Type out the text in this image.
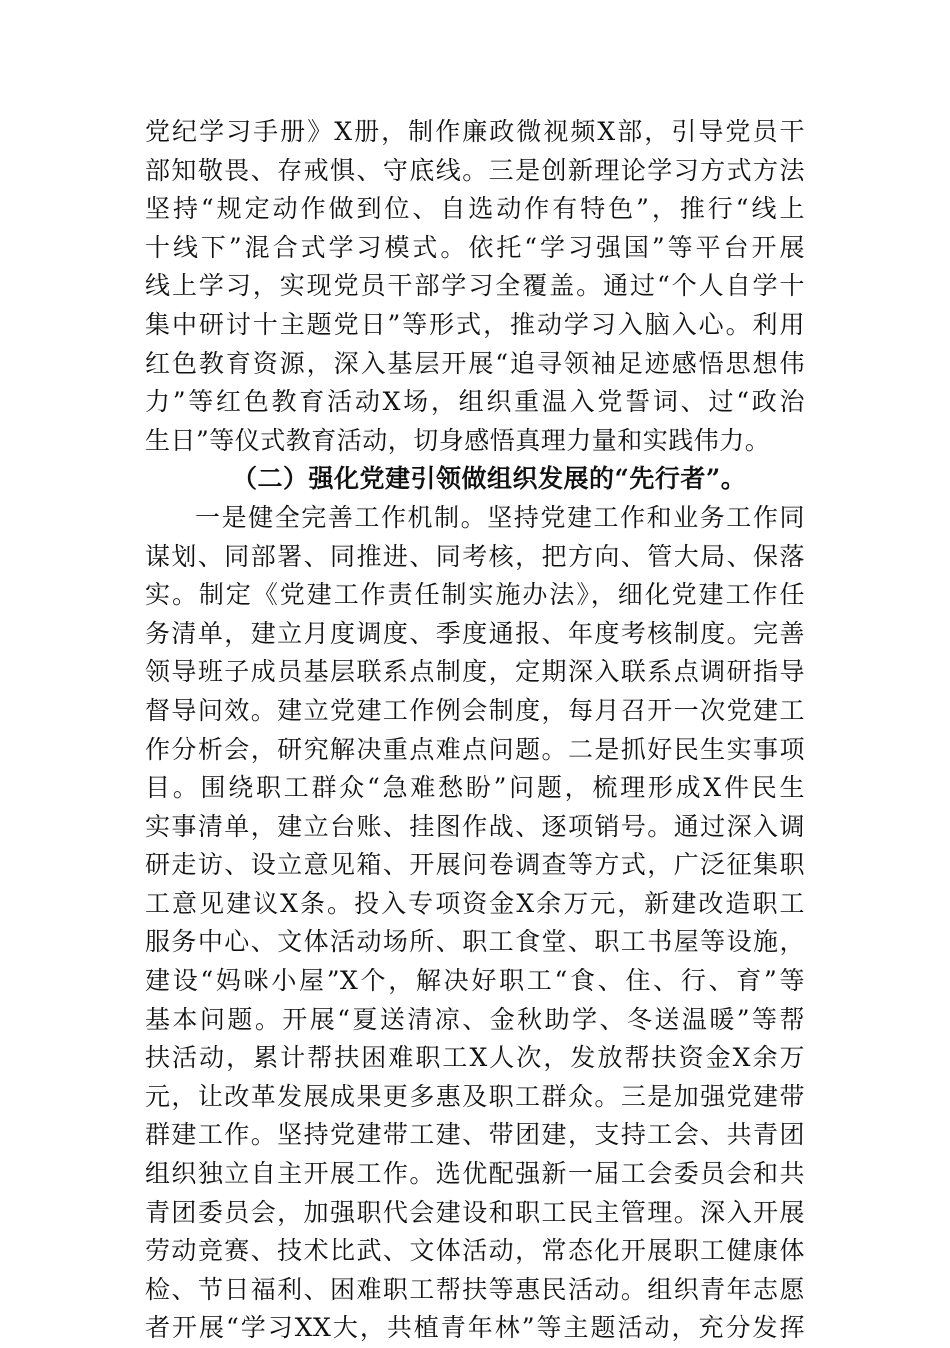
党纪学习手册》X册，制作廉政微视频X部，引导党员干
部知敬畏、存戒惧、守底线。三是创新理论学习方式方法
坚持“规定动作做到位、自选动作有特色”，推行“线上
十线下”混合式学习模式。依托“学习强国”等平台开展
线上学习，实现党员干部学习全覆盖。通过“个人自学十
集中研讨十主题党日”等形式，推动学习入脑入心。利用
红色教育资源，深入基层开展“追寻领袖足迹感悟思想伟
力”等红色教育活动X场，组织重温入党誓词、过“政治
生日”等仪式教育活动，切身感悟真理力量和实践伟力。
（二）强化党建引领做组织发展的“先行者”。
一是健全完善工作机制。坚持党建工作和业务工作同
谋划、同部署、同推进、同考核，把方向、管大局、保落
实。制定《党建工作责任制实施办法》，细化党建工作任
务清单，建立月度调度、季度通报、年度考核制度。完善
领导班子成员基层联系点制度，定期深入联系点调研指导
督导问效。建立党建工作例会制度，每月召开一次党建工
作分析会，研究解决重点难点问题。二是抓好民生实事项
目。围绕职工群众“急难愁盼”问题，梳理形成X件民生
实事清单，建立台账、挂图作战、逐项销号。通过深入调
研走访、设立意见箱、开展问卷调查等方式，广泛征集职
工意见建议X条。投入专项资金X余万元，新建改造职工
服务中心、文体活动场所、职工食堂、职工书屋等设施，
建设“妈咪小屋”X个，解决好职工“食、住、行、育”等
基本问题。开展“夏送清凉、金秋助学、冬送温暖”等帮
扶活动，累计帮扶困难职工X人次，发放帮扶资金X余万
元，让改革发展成果更多惠及职工群众。三是加强党建带
群建工作。坚持党建带工建、带团建，支持工会、共青团
组织独立自主开展工作。选优配强新一届工会委员会和共
青团委员会，加强职代会建设和职工民主管理。深入开展
劳动竞赛、技术比武、文体活动，常态化开展职工健康体
检、节日福利、困难职工帮扶等惠民活动。组织青年志愿
者开展“学习XX大，共植青年林”等主题活动，充分发挥
